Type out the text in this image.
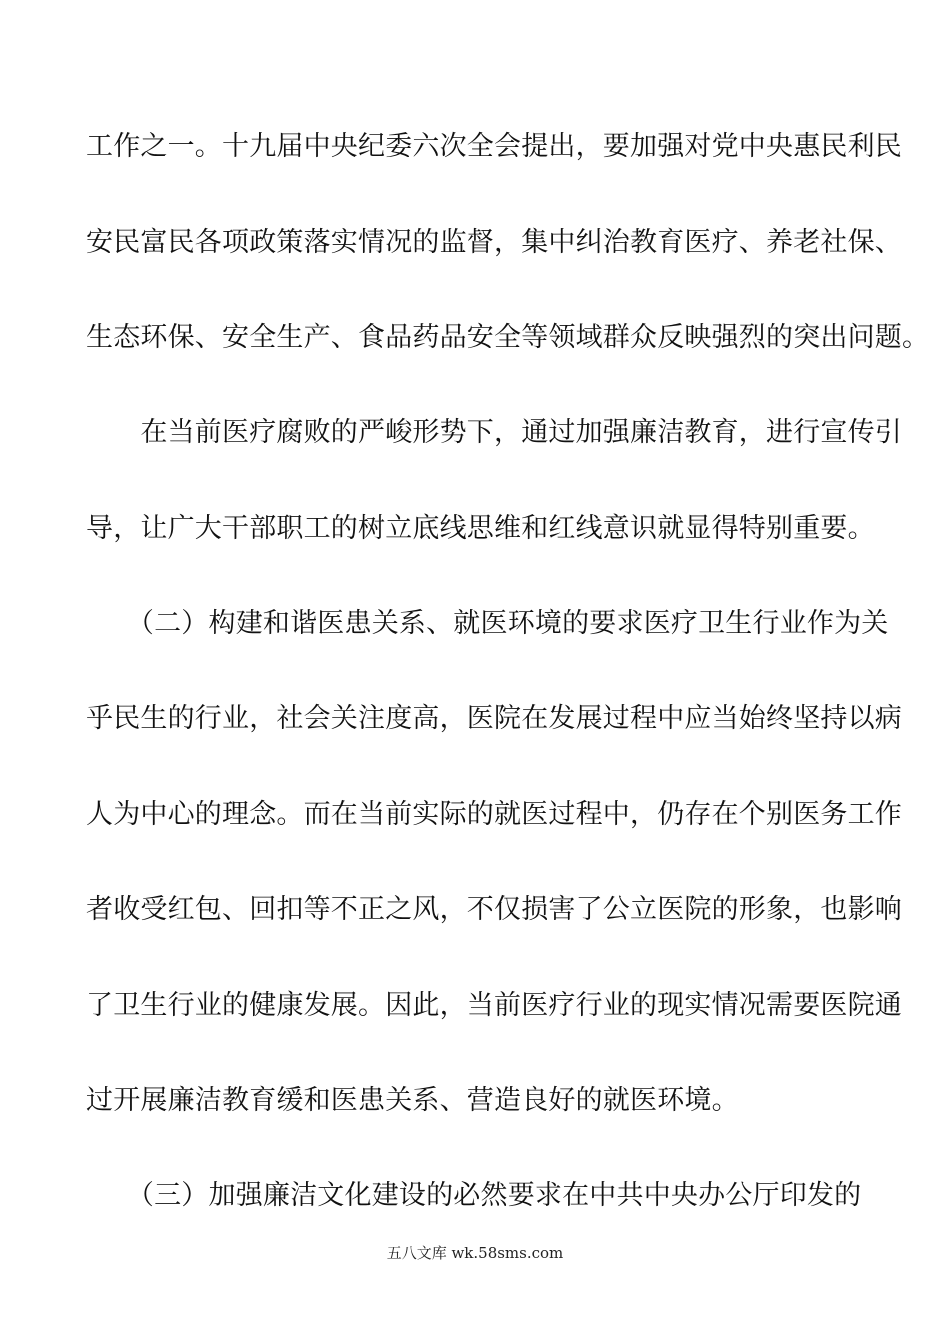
工作之一。十九届中央纪委六次全会提出，要加强对党中央惠民利民
安民富民各项政策落实情况的监督，集中纠治教育医疗、养老社保、
生态环保、安全生产、食品药品安全等领域群众反映强烈的突出问题。
　　在当前医疗腐败的严峻形势下，通过加强廉洁教育，进行宣传引
导，让广大干部职工的树立底线思维和红线意识就显得特别重要。
　　（二）构建和谐医患关系、就医环境的要求医疗卫生行业作为关
乎民生的行业，社会关注度高，医院在发展过程中应当始终坚持以病
人为中心的理念。而在当前实际的就医过程中，仍存在个别医务工作
者收受红包、回扣等不正之风，不仅损害了公立医院的形象，也影响
了卫生行业的健康发展。因此，当前医疗行业的现实情况需要医院通
过开展廉洁教育缓和医患关系、营造良好的就医环境。
　　（三）加强廉洁文化建设的必然要求在中共中央办公厅印发的
五八文库 wk.58sms.com
